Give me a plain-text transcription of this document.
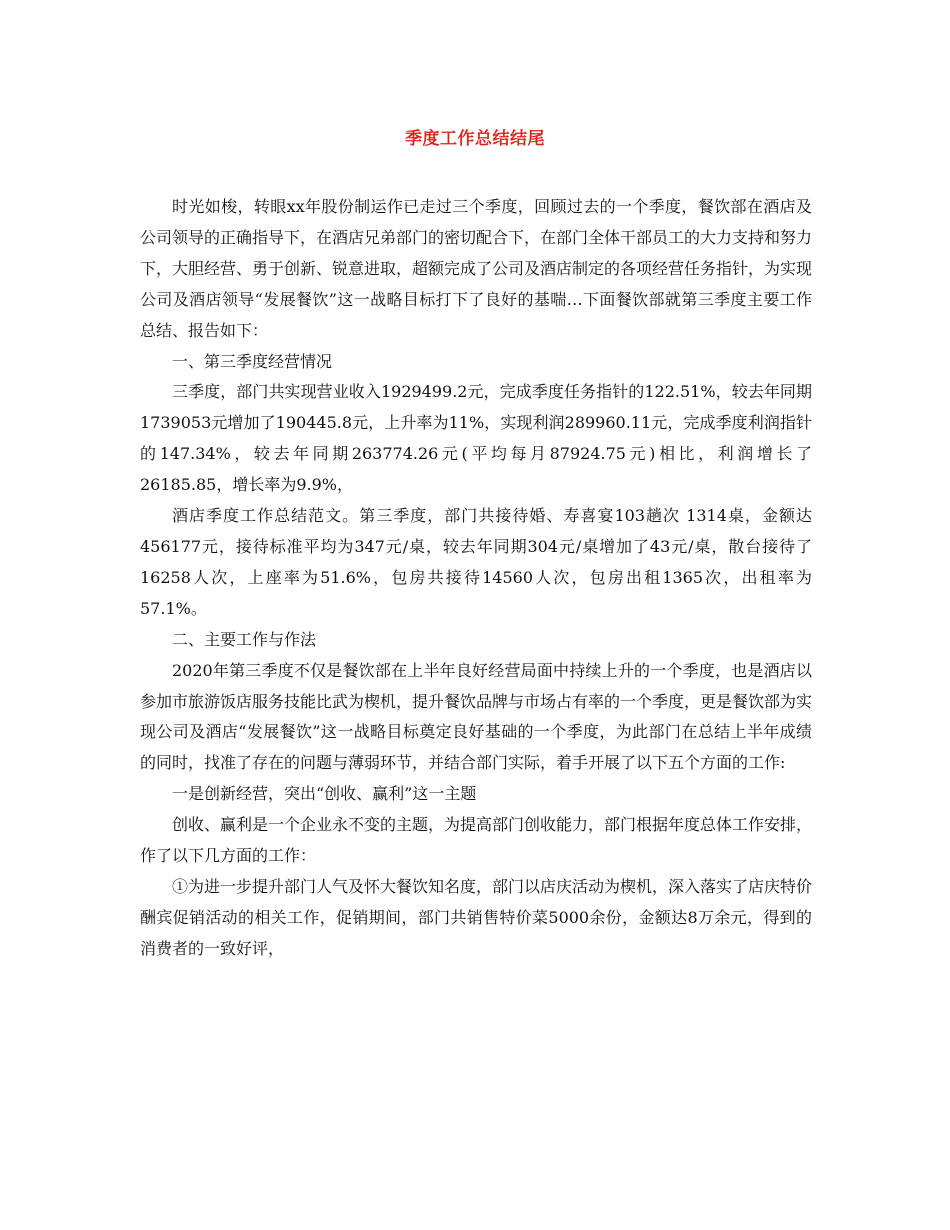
季度工作总结结尾

时光如梭，转眼xx年股份制运作已走过三个季度，回顾过去的一个季度，餐饮部在酒店及公司领导的正确指导下，在酒店兄弟部门的密切配合下，在部门全体干部员工的大力支持和努力下，大胆经营、勇于创新、锐意进取，超额完成了公司及酒店制定的各项经营任务指针，为实现公司及酒店领导“发展餐饮”这一战略目标打下了良好的基喘…下面餐饮部就第三季度主要工作总结、报告如下：

一、第三季度经营情况

三季度，部门共实现营业收入1929499.2元，完成季度任务指针的122.51%，较去年同期 1739053元增加了190445.8元，上升率为11%，实现利润289960.11元，完成季度利润指针的147.34%，较去年同期263774.26元(平均每月87924.75元)相比，利润增长了26185.85，增长率为9.9%，

酒店季度工作总结范文。第三季度，部门共接待婚、寿喜宴103趟次 1314桌，金额达456177元，接待标准平均为347元/桌，较去年同期304元/桌增加了43元/桌，散台接待了16258人次，上座率为51.6%，包房共接待14560人次，包房出租1365次，出租率为57.1%。

二、主要工作与作法

2020年第三季度不仅是餐饮部在上半年良好经营局面中持续上升的一个季度，也是酒店以参加市旅游饭店服务技能比武为楔机，提升餐饮品牌与市场占有率的一个季度，更是餐饮部为实现公司及酒店“发展餐饮”这一战略目标奠定良好基础的一个季度，为此部门在总结上半年成绩的同时，找准了存在的问题与薄弱环节，并结合部门实际，着手开展了以下五个方面的工作:

一是创新经营，突出“创收、赢利”这一主题

创收、赢利是一个企业永不变的主题，为提高部门创收能力，部门根据年度总体工作安排，作了以下几方面的工作：

①为进一步提升部门人气及怀大餐饮知名度，部门以店庆活动为楔机，深入落实了店庆特价酬宾促销活动的相关工作，促销期间，部门共销售特价菜5000余份，金额达8万余元，得到的消费者的一致好评，
